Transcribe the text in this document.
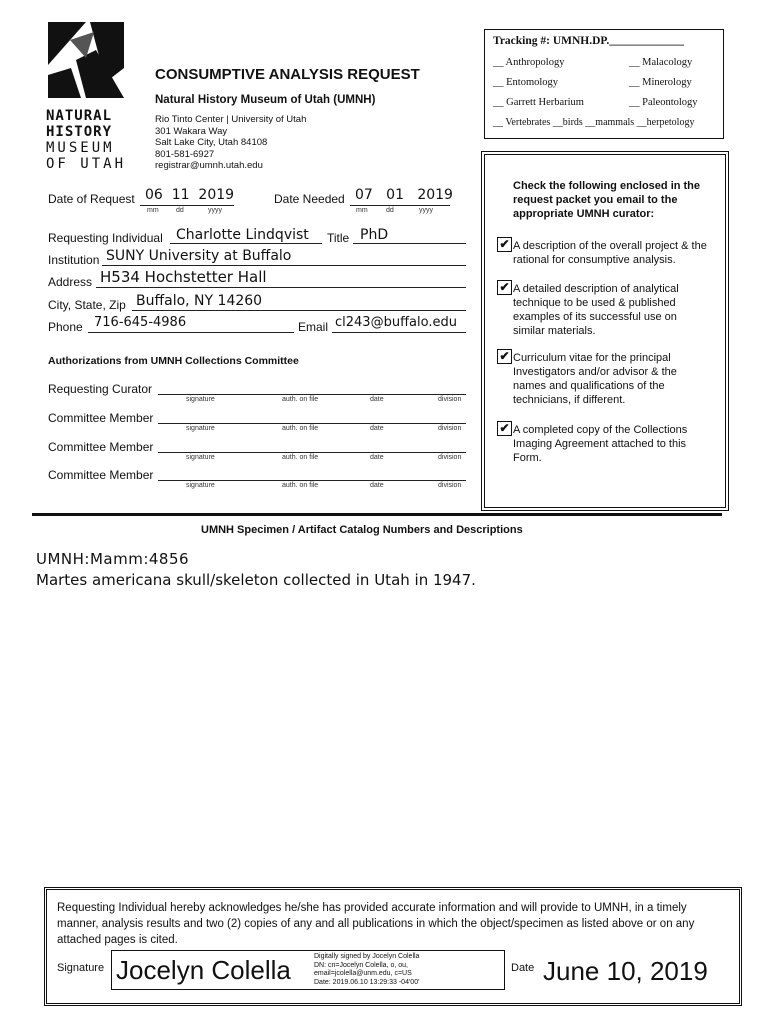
NATURAL
HISTORY
MUSEUM
OF UTAH
CONSUMPTIVE ANALYSIS REQUEST
Natural History Museum of Utah (UMNH)
Rio Tinto Center | University of Utah
301 Wakara Way
Salt Lake City, Utah 84108
801-581-6927
registrar@umnh.utah.edu
Tracking #: UMNH.DP._____________
__ Anthropology	__ Malacology
__ Entomology	__ Minerology
__ Garrett Herbarium	__ Paleontology
__ Vertebrates __birds __mammals __herpetology
Check the following enclosed in the request packet you email to the appropriate UMNH curator:
✔ A description of the overall project & the rational for consumptive analysis.
✔ A detailed description of analytical technique to be used & published examples of its successful use on similar materials.
✔ Curriculum vitae for the principal Investigators and/or advisor & the names and qualifications of the technicians, if different.
✔ A completed copy of the Collections Imaging Agreement attached to this Form.
Date of Request 06  11  2019
mm dd	yyyy
Date Needed 07   01   2019
mm	dd	yyyy
Requesting Individual Charlotte Lindqvist Title PhD
Institution SUNY University at Buffalo
Address H534 Hochstetter Hall
City, State, Zip Buffalo, NY 14260
Phone 716-645-4986	Email cl243@buffalo.edu
Authorizations from UMNH Collections Committee
Requesting Curator
signature	auth. on file	date	division
Committee Member
signature	auth. on file	date	division
Committee Member
signature	auth. on file	date	division
Committee Member
signature	auth. on file	date	division
UMNH Specimen / Artifact Catalog Numbers and Descriptions
UMNH:Mamm:4856
Martes americana skull/skeleton collected in Utah in 1947.
Requesting Individual hereby acknowledges he/she has provided accurate information and will provide to UMNH, in a timely manner, analysis results and two (2) copies of any and all publications in which the object/specimen as listed above or on any attached pages is cited.
Signature Jocelyn Colella	Digitally signed by Jocelyn Colella
DN: cn=Jocelyn Colella, o, ou,
email=jcolella@unm.edu, c=US
Date: 2019.06.10 13:29:33 -04'00'
Date June 10, 2019
